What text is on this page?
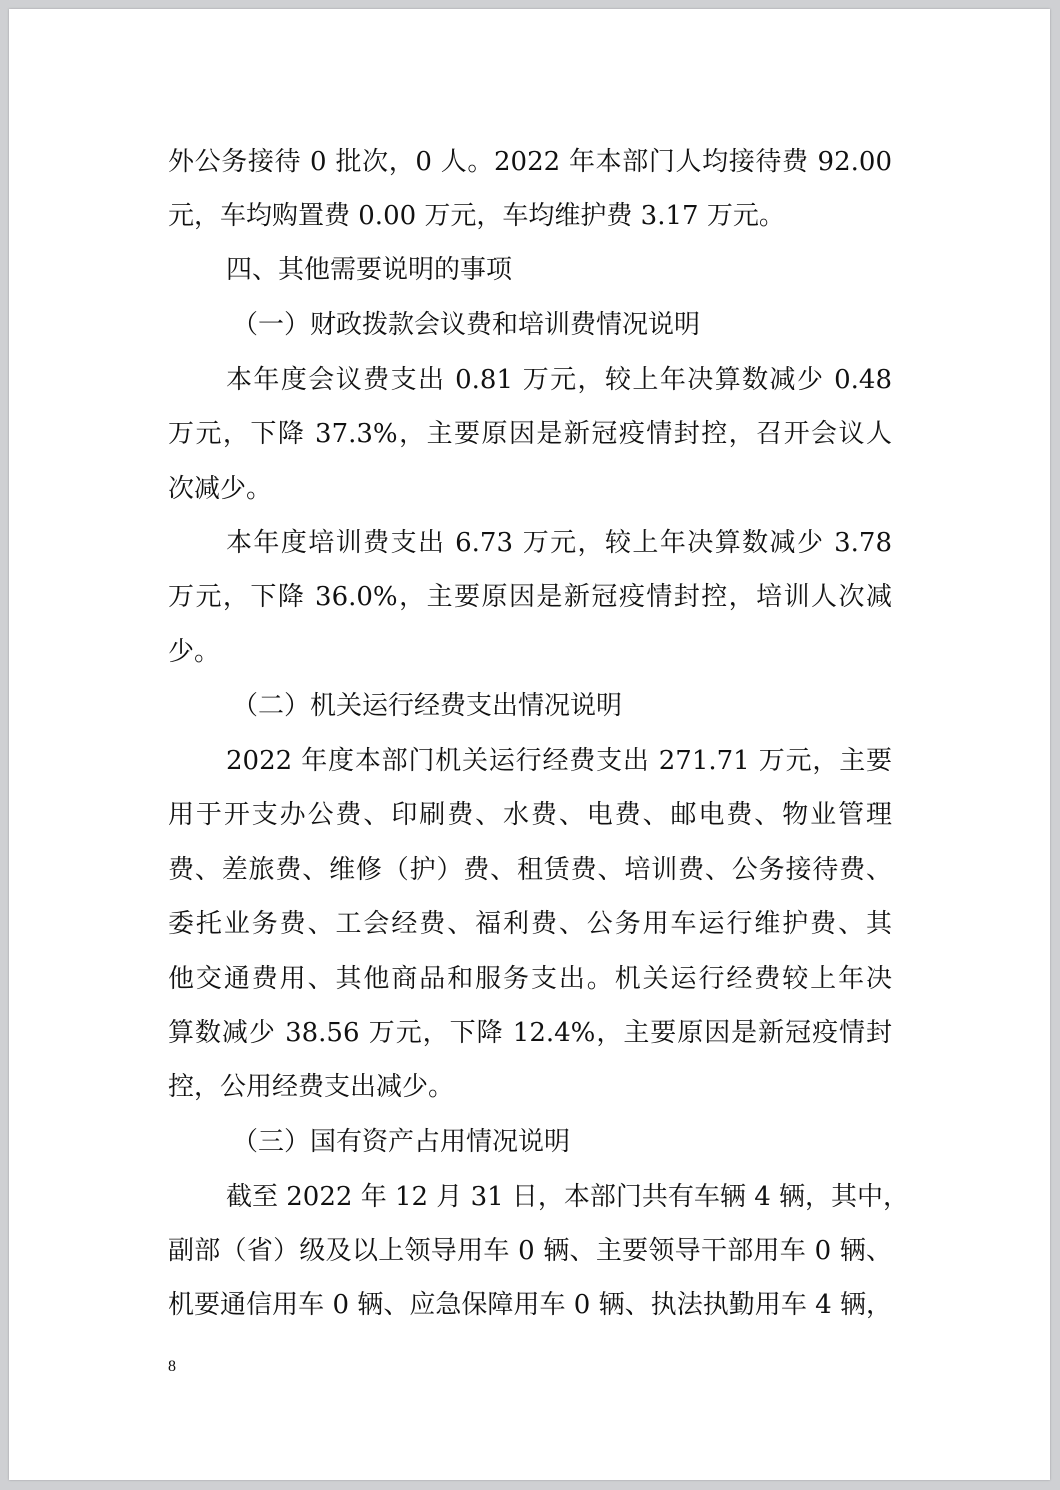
外公务接待 0 批次，0 人。2022 年本部门人均接待费 92.00
元，车均购置费 0.00 万元，车均维护费 3.17 万元。
四、其他需要说明的事项
（一）财政拨款会议费和培训费情况说明
本年度会议费支出 0.81 万元，较上年决算数减少 0.48
万元，下降 37.3%，主要原因是新冠疫情封控，召开会议人
次减少。
本年度培训费支出 6.73 万元，较上年决算数减少 3.78
万元，下降 36.0%，主要原因是新冠疫情封控，培训人次减
少。
（二）机关运行经费支出情况说明
2022 年度本部门机关运行经费支出 271.71 万元，主要
用于开支办公费、印刷费、水费、电费、邮电费、物业管理
费、差旅费、维修（护）费、租赁费、培训费、公务接待费、
委托业务费、工会经费、福利费、公务用车运行维护费、其
他交通费用、其他商品和服务支出。机关运行经费较上年决
算数减少 38.56 万元，下降 12.4%，主要原因是新冠疫情封
控，公用经费支出减少。
（三）国有资产占用情况说明
截至 2022 年 12 月 31 日，本部门共有车辆 4 辆，其中，
副部（省）级及以上领导用车 0 辆、主要领导干部用车 0 辆、
机要通信用车 0 辆、应急保障用车 0 辆、执法执勤用车 4 辆，
8
